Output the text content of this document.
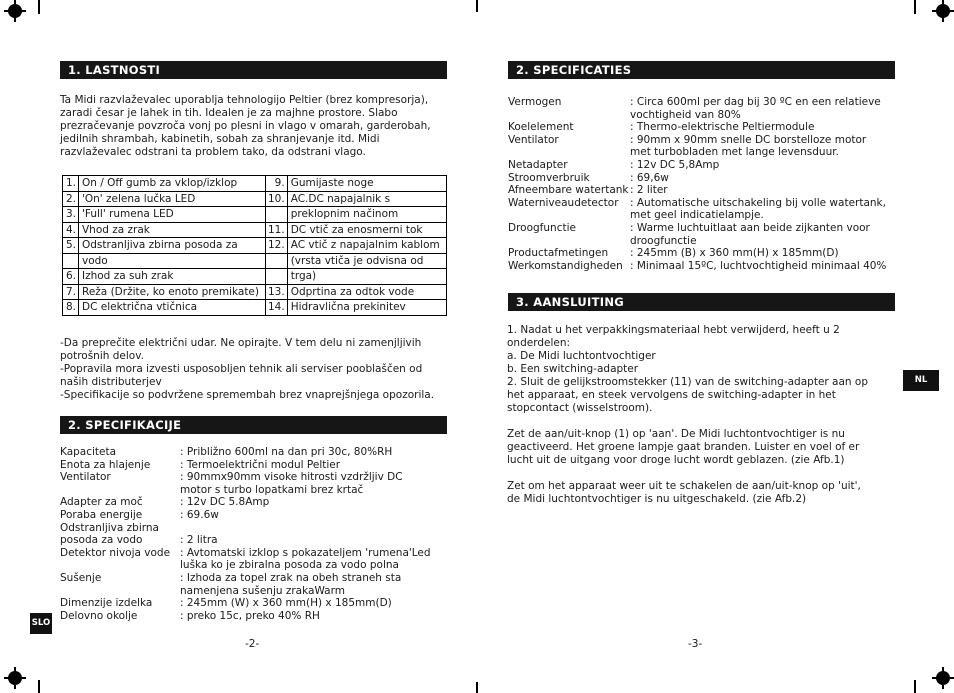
1. LASTNOSTI
Ta Midi razvlaževalec uporablja tehnologijo Peltier (brez kompresorja),
zaradi česar je lahek in tih. Idealen je za majhne prostore. Slabo
prezračevanje povzroča vonj po plesni in vlago v omarah, garderobah,
jedilnih shrambah, kabinetih, sobah za shranjevanje itd. Midi
razvlaževalec odstrani ta problem tako, da odstrani vlago.
1.	On / Off gumb za vklop/izklop	9.	Gumijaste noge
2.	'On' zelena lučka LED	10.	AC.DC napajalnik s
3.	'Full' rumena LED		preklopnim načinom
4.	Vhod za zrak	11.	DC vtič za enosmerni tok
5.	Odstranljiva zbirna posoda za	12.	AC vtič z napajalnim kablom
	vodo		(vrsta vtiča je odvisna od
6.	Izhod za suh zrak		trga)
7.	Reža (Držite, ko enoto premikate)	13.	Odprtina za odtok vode
8.	DC električna vtičnica	14.	Hidravlična prekinitev
-Da preprečite električni udar. Ne opirajte. V tem delu ni zamenjljivih
potrošnih delov.
-Popravila mora izvesti usposobljen tehnik ali serviser pooblaščen od
naših distributerjev
-Specifikacije so podvržene spremembah brez vnaprejšnjega opozorila.
2. SPECIFIKACIJE
Kapaciteta	: Približno 600ml na dan pri 30c, 80%RH
Enota za hlajenje	: Termoelektrični modul Peltier
Ventilator	: 90mmx90mm visoke hitrosti vzdržljiv DC
motor s turbo lopatkami brez krtač
Adapter za moč	: 12v DC 5.8Amp
Poraba energije	: 69.6w
Odstranljiva zbirna
posoda za vodo	: 2 litra
Detektor nivoja vode : Avtomatski izklop s pokazateljem 'rumena'Led
luška ko je zbiralna posoda za vodo polna
Sušenje	: Izhoda za topel zrak na obeh straneh sta
namenjena sušenju zrakaWarm
Dimenzije izdelka	: 245mm (W) x 360 mm(H) x 185mm(D)
Delovno okolje	: preko 15c, preko 40% RH
SLO
-2-
2. SPECIFICATIES
Vermogen	: Circa 600ml per dag bij 30 ºC en een relatieve
vochtigheid van 80%
Koelelement	: Thermo-elektrische Peltiermodule
Ventilator	: 90mm x 90mm snelle DC borstelloze motor
met turbobladen met lange levensduur.
Netadapter	: 12v DC 5,8Amp
Stroomverbruik	: 69,6w
Afneembare watertank : 2 liter
Waterniveaudetector	: Automatische uitschakeling bij volle watertank,
met geel indicatielampje.
Droogfunctie	: Warme luchtuitlaat aan beide zijkanten voor
droogfunctie
Productafmetingen	: 245mm (B) x 360 mm(H) x 185mm(D)
Werkomstandigheden : Minimaal 15ºC, luchtvochtigheid minimaal 40%
3. AANSLUITING
1. Nadat u het verpakkingsmateriaal hebt verwijderd, heeft u 2
onderdelen:
a. De Midi luchtontvochtiger
b. Een switching-adapter
2. Sluit de gelijkstroomstekker (11) van de switching-adapter aan op
het apparaat, en steek vervolgens de switching-adapter in het
stopcontact (wisselstroom).
Zet de aan/uit-knop (1) op 'aan'. De Midi luchtontvochtiger is nu
geactiveerd. Het groene lampje gaat branden. Luister en voel of er
lucht uit de uitgang voor droge lucht wordt geblazen. (zie Afb.1)
Zet om het apparaat weer uit te schakelen de aan/uit-knop op 'uit',
de Midi luchtontvochtiger is nu uitgeschakeld. (zie Afb.2)
NL
-3-
